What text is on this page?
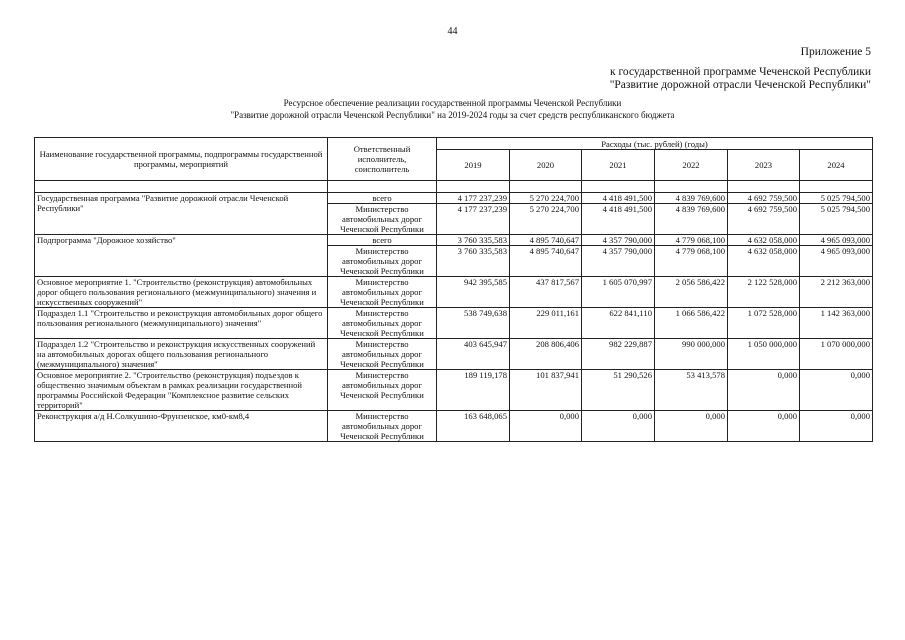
44
Приложение 5
к государственной программе Чеченской Республики
"Развитие дорожной отрасли Чеченской Республики"
Ресурсное обеспечение реализации государственной программы Чеченской Республики
"Развитие дорожной отрасли Чеченской Республики" на 2019-2024 годы за счет средств республиканского бюджета
Наименование государственной программы, подпрограммы государственной программы, мероприятий	Ответственный исполнитель, соисполнитель	Расходы (тыс. рублей) (годы)					
		2019	2020	2021	2022	2023	2024

Государственная программа "Развитие дорожной отрасли Чеченской Республики"	всего	4 177 237,239	5 270 224,700	4 418 491,500	4 839 769,600	4 692 759,500	5 025 794,500
	Министерство автомобильных дорог Чеченской Республики	4 177 237,239	5 270 224,700	4 418 491,500	4 839 769,600	4 692 759,500	5 025 794,500
Подпрограмма "Дорожное хозяйство"	всего	3 760 335,583	4 895 740,647	4 357 790,000	4 779 068,100	4 632 058,000	4 965 093,000
	Министерство автомобильных дорог Чеченской Республики	3 760 335,583	4 895 740,647	4 357 790,000	4 779 068,100	4 632 058,000	4 965 093,000
Основное мероприятие 1. "Строительство (реконструкция) автомобильных дорог общего пользования регионального (межмуниципального) значения и искусственных сооружений"	Министерство автомобильных дорог Чеченской Республики	942 395,585	437 817,567	1 605 070,997	2 056 586,422	2 122 528,000	2 212 363,000
Подраздел 1.1 "Строительство и реконструкция автомобильных дорог общего пользования регионального (межмуниципального) значения"	Министерство автомобильных дорог Чеченской Республики	538 749,638	229 011,161	622 841,110	1 066 586,422	1 072 528,000	1 142 363,000
Подраздел 1.2 "Строительство и реконструкция искусственных сооружений на автомобильных дорогах общего пользования регионального (межмуниципального) значения"	Министерство автомобильных дорог Чеченской Республики	403 645,947	208 806,406	982 229,887	990 000,000	1 050 000,000	1 070 000,000
Основное мероприятие 2. "Строительство (реконструкция) подъездов к общественно значимым объектам в рамках реализации государственной программы Российской Федерации "Комплексное развитие сельских территорий"	Министерство автомобильных дорог Чеченской Республики	189 119,178	101 837,941	51 290,526	53 413,578	0,000	0,000
Реконструкция а/д Н.Солкушино-Фрунзенское, км0-км8,4	Министерство автомобильных дорог Чеченской Республики	163 648,065	0,000	0,000	0,000	0,000	0,000
